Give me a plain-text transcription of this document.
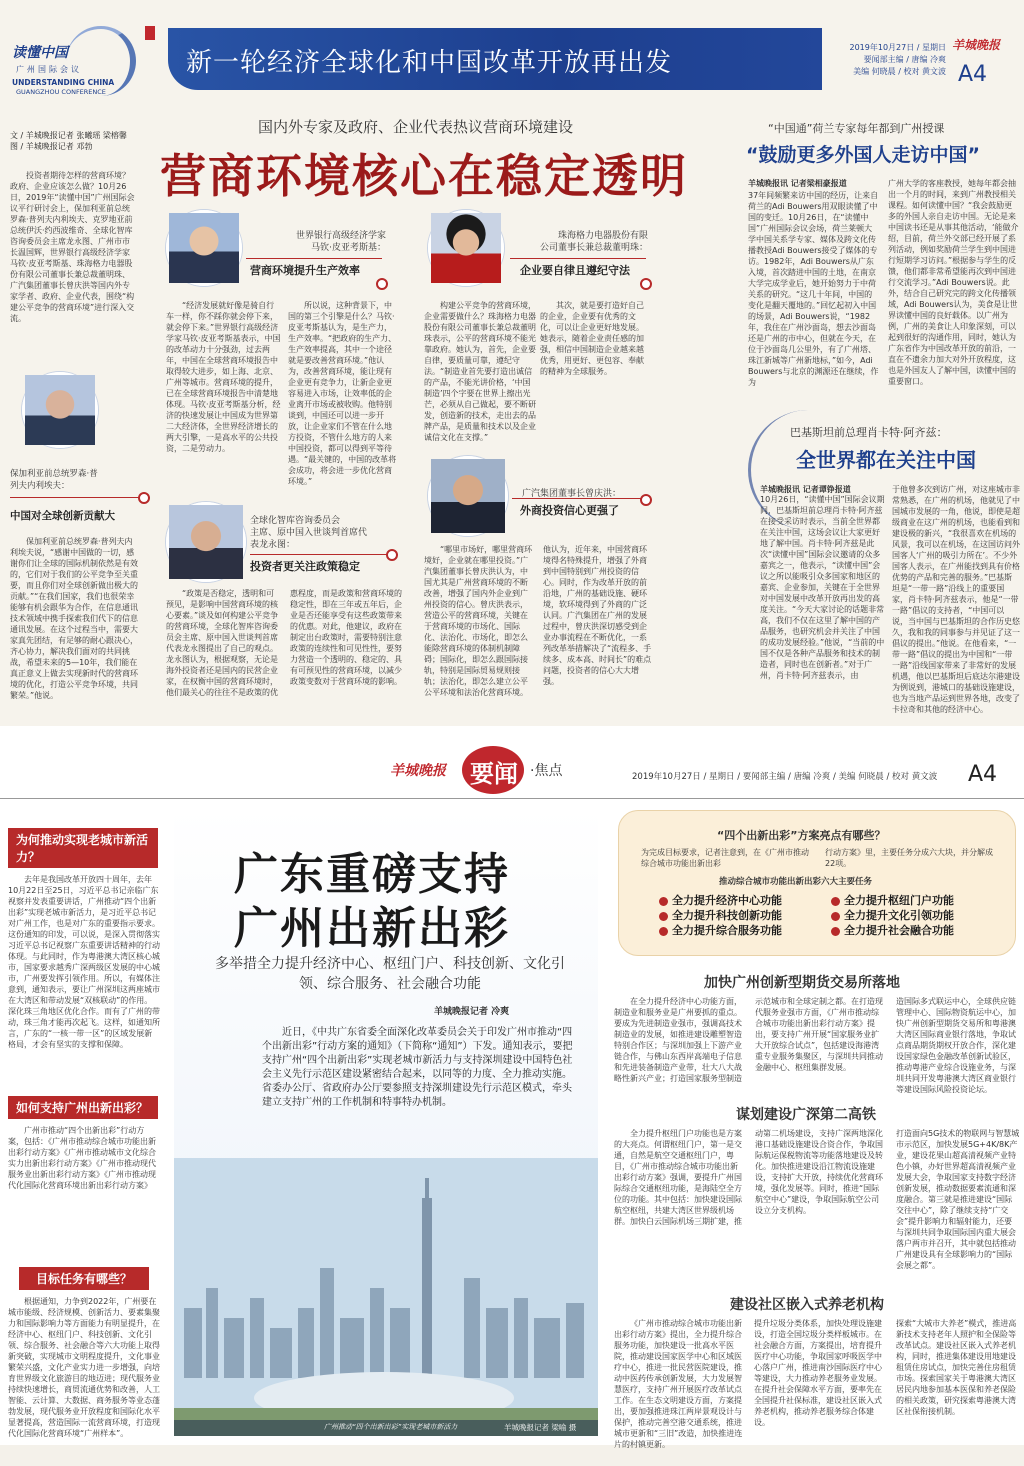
读懂中国
广州国际会议
UNDERSTANDING CHINA
GUANGZHOU CONFERENCE
新一轮经济全球化和中国改革开放再出发
2019年10月27日 / 星期日
要闻部主编 / 唐编 冷爽
美编 何晓晨 / 校对 黄文波
羊城晚报
A4
文 / 羊城晚报记者 张曦瑶 梁榕馨
图 / 羊城晚报记者 邓勃
投资者期待怎样的营商环境？政府、企业应该怎么做？10月26日，2019年“读懂中国”广州国际会议平行研讨会上，保加利亚前总统罗森·普列夫内利埃夫、克罗地亚前总统伊沃·约西波维奇、全球化智库咨询委员会主席龙永图、广州市市长温国辉，世界银行高级经济学家马钦·皮亚考斯基、珠海格力电器股份有限公司董事长兼总裁董明珠、广汽集团董事长曾庆洪等国内外专家学者、政府、企业代表，围绕“构建公平竞争的营商环境”进行深入交流。
国内外专家及政府、企业代表热议营商环境建设
营商环境核心在稳定透明
世界银行高级经济学家
马钦·皮亚考斯基：
营商环境提升生产效率
珠海格力电器股份有限
公司董事长兼总裁董明珠：
企业要自律且遵纪守法
保加利亚前总统罗森·普
列夫内利埃夫：
中国对全球创新贡献大
保加利亚前总统罗森·普列夫内利埃夫说，“感谢中国做的一切，感谢你们让全球的国际机制依然是有效的，它们对于我们的公平竞争至关重要，而且你们对全球创新做出极大的贡献。”“在我们国家，我们也很荣幸能够有机会跟华为合作，在信息通讯技术领域中携手探索我们代下的信息通讯发展。在这个过程当中，需要大家真先团结，有足够的耐心跟决心，齐心协力，解决我们面对的共同挑战，希望未来的5—10年，我们能在真正意义上做去实现新时代的营商环境的优化，打造公平竞争环境，共同繁荣。”他说。
“经济发展就好像是骑自行车一样，你不踩你就会停下来，就会停下来。”世界银行高级经济学家马钦·皮亚考斯基表示，中国的改革动力十分强劲，过去两年，中国在全球营商环境报告中取得较大进步，如上海、北京、广州等城市。营商环境的提升，已在全球营商环境报告中清楚地体现。马钦·皮亚考斯基分析，经济的快速发展让中国成为世界第二大经济体，全世界经济增长的两大引擎，一是高水平的公共投资，二是劳动力。
所以说，这种背景下，中国的第三个引擎是什么？马钦·皮亚考斯基认为，是生产力，生产效率。“把政府的生产力、生产效率提高，其中一个途径就是要改善营商环境。”他认为，改善营商环境，能让现有企业更有竞争力，让新企业更容易进入市场，让效率低的企业离开市场或被收购。他特别谈到，中国还可以进一步开放，让企业家们不管在什么地方投资，不管什么地方的人来中国投资，都可以得到平等待遇。“最关键的，中国的改革将会成功，将会进一步优化营商环境。”
构建公平竞争的营商环境，企业需要做什么？珠海格力电器股份有限公司董事长兼总裁董明珠表示，公平的营商环境不能光靠政府。她认为，首先，企业要自律，要质量可靠，遵纪守法。“制造业首先要打造出诚信的产品，不能光讲价格，‘中国制造’四个字要在世界上擦出光芒，必须从自己做起，要不断研发，创造新的技术，走出去的品牌产品，是质量和技术以及企业诚信文化在支撑。”
其次，就是要打造好自己的企业，企业要有优秀的文化，可以让企业更好地发展。她表示，随着企业责任感的加强，相信中国制造企业越来越优秀，用更好、更包容、奉献的精神为全球服务。
全球化智库咨询委员会
主席、原中国入世谈判首席代
表龙永图：
投资者更关注政策稳定
“政策是否稳定，透明和可预见，是影响中国营商环境的核心要素。”谈及如何构建公平竞争的营商环境，全球化智库咨询委员会主席、原中国入世谈判首席代表龙永图提出了自己的观点。龙永图认为，根据观察，无论是海外投资者还是国内的民营企业家，在权衡中国的营商环境时，他们最关心的往往不是政策的优惠程度，而是政策和营商环境的稳定性，即在三年或五年后，企业是否还能享受有这些政策带来的优惠。对此，他建议，政府在制定出台政策时，需要特别注意政策的连续性和可见性性，要努力营造一个透明的、稳定的、具有可预见性的营商环境，以减少政策变数对于营商环境的影响。
广汽集团董事长曾庆洪：
外商投资信心更强了
“哪里市场好，哪里营商环境好，企业就在哪里投资。”广汽集团董事长曾庆洪认为，中国尤其是广州营商环境的不断改善，增强了国内外企业到广州投资的信心。曾庆洪表示，营造公平的营商环境，关键在于营商环境的市场化、国际化、法治化、市场化，即怎么能除营商环境的体制机制障碍；国际化，即怎么跟国际接轨，特别是国际贸易规则接轨；法治化，即怎么建立公平公平环境和法治化营商环境。他认为，近年来，中国营商环境得名特殊提升，增强了外商到中国特别到广州投资的信心。同时，作为改革开放的前沿地，广州的基础设施、硬环境，软环境得到了外商的广泛认同。广汽集团在广州的发展过程中，曾庆洪深切感受到企业办事流程在不断优化，一系列改革举措解决了“流程多、手续多、成本高、时间长”的难点问题，投资者的信心大大增强。
“中国通”荷兰专家每年都到广州授课
“鼓励更多外国人走访中国”
羊城晚报讯 记者梁相豪报道
37年间频繁来访中国的经历，让来自荷兰的Adi Bouwers用双眼读懂了中国的变迁。10月26日，在“读懂中国”广州国际会议会场，荷兰莱顿大学中国关系学专家、媒体及跨文化传播教授Adi Bouwers接受了媒体的专访。1982年，Adi Bouwers从广东入境，首次踏进中国的土地，在南京大学完成学业后，她开始努力于中荷关系的研究。“这几十年间，中国的变化是翻天覆地的。”回忆起初入中国的场景，Adi Bouwers说，“1982年，我住在广州沙面岛，想去沙面岛还是广州的市中心，但就在今天，在位于沙面岛几公里外，有了广州塔、珠江新城等广州新地标，”如今，Adi Bouwers与北京的渊源还在继续，作为
广州大学的客座教授，她每年都会抽出一个月的时间，来到广州教授相关课程。如何读懂中国？“我会鼓励更多的外国人亲自走访中国。无论是来中国读书还是从事其他活动，‘能做介绍，目前，荷兰外交部已经开展了系列活动，例如奖励荷兰学生到中国进行短期学习访问。”根据参与学生的反馈，他们都非常希望能再次到中国进行交流学习。”Adi Bouwers说。此外，结合自己研究完的跨文化传播领域，Adi Bouwers认为，美食是让世界读懂中国的良好载体。以广州为例，广州的美食让人印象深刻，可以起到很好的沟通作用，同时，她认为广东省作为中国改革开放的前沿，一直在不遗余力加大对外开放程度，这也是外国友人了解中国，读懂中国的重要窗口。
巴基斯坦前总理肖卡特·阿齐兹：
全世界都在关注中国
羊城晚报讯 记者谭铮报道
10月26日，“读懂中国”国际会议期间，巴基斯坦前总理肖卡特·阿齐兹在接受采访时表示，当前全世界都在关注中国，这场会议让大家更好地了解中国。肖卡特·阿齐兹是此次“读懂中国”国际会议邀请的众多嘉宾之一，他表示，“读懂中国”会议之所以能吸引众多国家和地区的嘉宾、企业参加，关键在于全世界对中国发展中改革开放再出发的高度关注。“今天大家讨论的话题非常高，我们不仅在这里了解中国的产品服务，也研究机会并关注了中国的成功发展经验。”他说，“当前的中国不仅是各种产品服务和技术的制造者，同时也在创新者。”对于广州，肖卡特·阿齐兹表示，由
于他曾多次到访广州，对这座城市非常熟悉，在广州的机场，他就见了中国城市发展的一角，他说，即使是超级商业在这广州的机场，也能看到和建设极的新兴，“我很喜欢在机场的风景，我可以在机场，在这国访问外国客人‘广州的吸引力所在’。不少外国客人表示，在广州能找到具有价格优势的产品和完善的服务。”巴基斯坦是“一带一路”沿线上的重要国家，肖卡特·阿齐兹表示，他是“一带一路”倡议的支持者，“中国可以说，当中国与巴基斯坦的合作历史悠久，我和我的同事参与并见证了这一倡议的提出。”他说。在他看来，“一带一路”倡议的提出为中国和“一带一路”沿线国家带来了非常好的发展机遇，他以巴基斯坦后底达尔港建设为例说到，港城口的基础设施建设，也为当地产品运到世界各地，改变了卡拉奇和其他的经济中心。
羊城晚报 要闻 ·焦点	2019年10月27日 / 星期日 / 要闻部主编 / 唐编 冷爽 / 美编 何晓晨 / 校对 黄文波 A4
为何推动实现老城市新活力？
去年是我国改革开放四十周年，去年10月22日至25日，习近平总书记亲临广东视察并发表重要讲话，广州推动“四个出新出彩”实现老城市新活力，是习近平总书记对广州工作，也是对广东的重要指示要求。这份通知的印发，可以说，是深入贯彻落实习近平总书记视察广东重要讲话精神的行动体现。与此同时，作为粤港澳大湾区核心城市，国家要求越秀广深两级区发展的中心城市，广州要发挥引领作用。所以，有媒体注意到，通知表示，要让广州深圳这两座城市在大湾区和带动发展“双核联动”的作用。深化珠三角地区优化合作。而有了广州的带动，珠三角才能再次起飞。这样，如通知所言，广东的“一核一带一区”的区域发展新格局，才会有坚实的支撑和保障。
如何支持广州出新出彩？
广州市推动“四个出新出彩”行动方案，包括：《广州市推动综合城市功能出新出彩行动方案》《广州市推动城市文化综合实力出新出彩行动方案》《广州市推动现代服务业出新出彩行动方案》《广州市推动现代化国际化营商环境出新出彩行动方案》
目标任务有哪些？
根据通知，力争到2022年，广州要在城市能级、经济规模、创新活力、要素集聚力和国际影响力等方面能力有明显提升，在经济中心、枢纽门户、科技创新、文化引领、综合服务、社会融合等六大功能上取得新突破，实现城市文明程度提升，文化事业繁荣兴盛，文化产业实力进一步增强，向培育世界级文化旅游目的地迈进；现代服务业持续快速增长，商贸流通优势和改善，人工智能、云计算、大数据、商务服务等业态蓬勃发展，现代服务业开放程度和国际化水平显著提高，营造国际一流营商环境，打造现代化国际化营商环境“广州样本”。
广东重磅支持
广州出新出彩
多举措全力提升经济中心、枢纽门户、科技创新、文化引领、综合服务、社会融合功能
羊城晚报记者 冷爽
近日，《中共广东省委全面深化改革委员会关于印发广州市推动“四个出新出彩”行动方案的通知》（下简称“通知”）下发。通知表示，要把支持广州“四个出新出彩”实现老城市新活力与支持深圳建设中国特色社会主义先行示范区建设紧密结合起来，以同等的力度、全力推动实施。省委办公厅、省政府办公厅要参照支持深圳建设先行示范区模式，牵头建立支持广州的工作机制和特事特办机制。
广州推动“四个出新出彩”实现老城市新活力	羊城晚报记者 梁喻 摄
“四个出新出彩”方案亮点有哪些？
为完成目标要求，记者注意到，在《广州市推动综合城市功能出新出彩
行动方案》里，主要任务分成六大块，并分解成22项。
推动综合城市功能出新出彩六大主要任务
全力提升经济中心功能	全力提升枢纽门户功能
全力提升科技创新功能	全力提升文化引领功能
全力提升综合服务功能	全力提升社会融合功能
加快广州创新型期货交易所落地
在全力提升经济中心功能方面，制造业和服务业是广州要抓的重点。要成为先进制造业强市，强调高技术制造业的发展，如推进建设雕塑智造特别合作区；与深圳加强上下游产业链合作，与佛山东西岸高端电子信息和先进装备制造产业带，壮大八大战略性新兴产业；打造国家服务型制造示范城市和全球定制之都。在打造现代服务业强市方面，《广州市推动综合城市功能出新出彩行动方案》提出，要支持广州开展“国家服务业扩大开放综合试点”，包括建设海港湾重专业服务集聚区，与深圳共同推动金融中心、枢纽集群发展。
造国际多式联运中心，全球供应链管理中心、国际物资航运中心，加快广州创新型期货交易所和粤港澳大湾区国际商业银行落地，争取试点商品期货期权开放合作，深化建设国家绿色金融改革创新试验区，推动粤港产业综合设施业务，与深圳共同开发粤港澳大湾区商业银行等建设国际风险投资论坛。
谋划建设广深第二高铁
全力提升枢纽门户功能也是方案的大亮点。何谓枢纽门户，第一是交通，自然是航空交通枢纽门户，粤目，《广州市推动综合城市功能出新出彩行动方案》强调，要提升广州国际综合交通枢纽功能，是海陆空全方位的功能。其中包括：加快建设国际航空枢纽，共建大湾区世界级机场群。加快白云国际机场三期扩建，推动第二机场建设，支持广深两地深化港口基础设施建设合资合作，争取国际航运保税物流等功能落地建设及转化。加快推进建设沿江物流设施建设，支持扩大开放，持续优化营商环境，强化发展等。同时，推进“国际航空中心”建设，争取国际航空公司设立分支机构。
打造面向5G技术的物联网与智慧城市示范区，加快发展5G+4K/8K产业，建设花果山超高清视频产业特色小镇，办好世界超高清视频产业发展大会，争取国家支持数字经济创新发展，推动数据要素流通和深度融合。第三就是推进建设“国际交往中心”，除了继续支持“广交会”提升影响力和辐射能力，还要与深圳共同争取国际国内重大展会落户两市并召开，其中就包括推动广州建设具有全球影响力的“国际会展之都”。
建设社区嵌入式养老机构
《广州市推动综合城市功能出新出彩行动方案》提出，全力提升综合服务功能，加快建设一批高水平医院，推动建设国家医学中心和区域医疗中心，推进一批民营医院建设，推动中医药传承创新发展，大力发展智慧医疗，支持广州开展医疗改革试点工作。在生态文明建设方面，方案提出，要加强推进珠江两岸景观设计与保护，推动完善空港交通系统，推进城市更新和“三旧”改造，加快推进连片的村镇更新。
提升垃圾分类体系，加快处理设施建设，打造全国垃圾分类样板城市。在社会融合方面，方案提出，培育提升医疗中心功能，争取国家呼吸医学中心落户广州，推进南沙国际医疗中心等建设，大力推动养老服务业发展。在提升社会保障水平方面，要率先在全国提升社保标准，建设社区嵌入式养老机构，推动养老服务综合体建设。
探索“大城市大养老”模式，推进高新技术支持老年人照护和全保险等改革试点。建设社区嵌入式养老机构，同时，推进集体建设用地建设租赁住房试点，加快完善住房租赁市场。探索国家关于粤港澳大湾区居民内地参加基本医保和养老保险的相关政策，研究探索粤港澳大湾区社保衔接机制。
